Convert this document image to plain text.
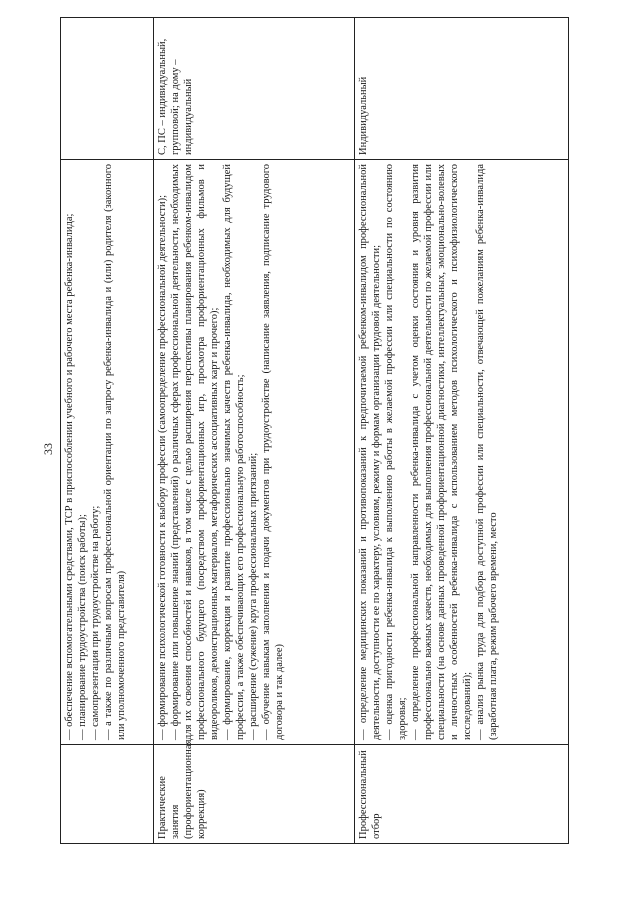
33

	— обеспечение вспомогательными средствами, ТСР в приспособлении учебного и рабочего места ребенка-инвалида; — планирование трудоустройства (поиск работы); — самопрезентация при трудоустройстве на работу; — а также по различным вопросам профессиональной ориентации по запросу ребенка-инвалида и (или) родителя (законного или уполномоченного представителя)	

Практические занятия (профориентационная коррекция)	— формирование психологической готовности к выбору профессии (самоопределение профессиональной деятельности); — формирование или повышение знаний (представлений) о различных сферах профессиональной деятельности, необходимых для их освоения способностей и навыков, в том числе с целью расширения перспективы планирования ребенком-инвалидом профессионального будущего (посредством профориентационных игр, просмотра профориентационных фильмов и видеороликов, демонстрационных материалов, метафорических ассоциативных карт и прочего); — формирование, коррекция и развитие профессионально значимых качеств ребенка-инвалида, необходимых для будущей профессии, а также обеспечивающих его профессиональную работоспособность; — расширение (сужение) круга профессиональных притязаний; — обучение навыкам заполнения и подачи документов при трудоустройстве (написание заявления, подписание трудового договора и так далее)	С, ПС – индивидуальный, групповой; на дому – индивидуальный
Профессиональный отбор	— определение медицинских показаний и противопоказаний к предпочитаемой ребенком-инвалидом профессиональной деятельности, доступности ее по характеру, условиям, режиму и формам организации трудовой деятельности; — оценка пригодности ребенка-инвалида к выполнению работы в желаемой профессии или специальности по состоянию здоровья; — определение профессиональной направленности ребенка-инвалида с учетом оценки состояния и уровня развития профессионально важных качеств, необходимых для выполнения профессиональной деятельности по желаемой профессии или специальности (на основе данных проведенной профориентационной диагностики, интеллектуальных, эмоционально-волевых и личностных особенностей ребенка-инвалида с использованием методов психологического и психофизиологического исследований); — анализ рынка труда для подбора доступной профессии или специальности, отвечающей пожеланиям ребенка-инвалида (заработная плата, режим рабочего времени, место	Индивидуальный
